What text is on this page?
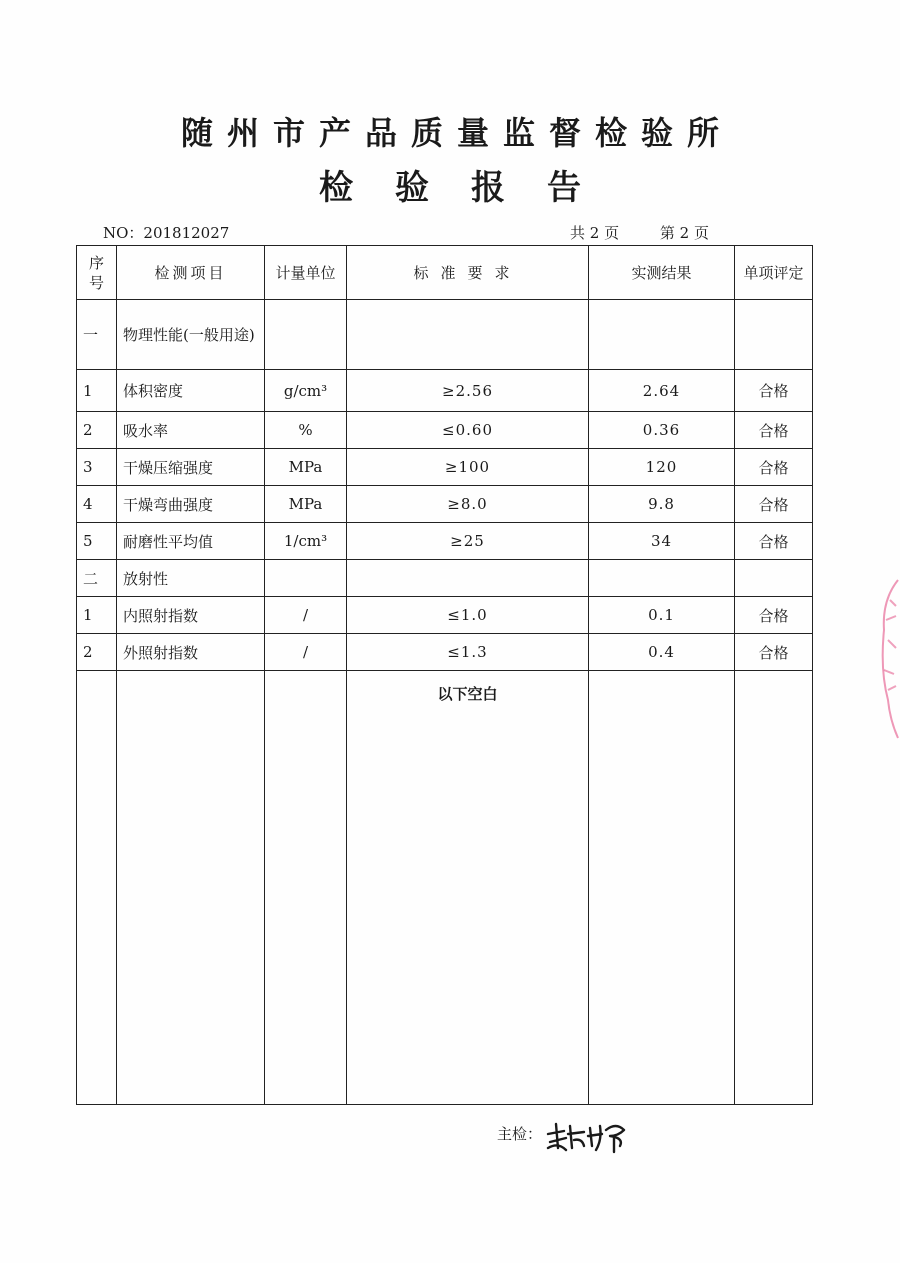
随州市产品质量监督检验所
检验报告
NO：201812027	共 2 页	第 2 页
序号	检测项目	计量单位	标准要求	实测结果	单项评定
一	物理性能(一般用途)				
1	体积密度	g/cm³	≥2.56	2.64	合格
2	吸水率	%	≤0.60	0.36	合格
3	干燥压缩强度	MPa	≥100	120	合格
4	干燥弯曲强度	MPa	≥8.0	9.8	合格
5	耐磨性平均值	1/cm³	≥25	34	合格
二	放射性				
1	内照射指数	/	≤1.0	0.1	合格
2	外照射指数	/	≤1.3	0.4	合格

			以下空白		

主检：
